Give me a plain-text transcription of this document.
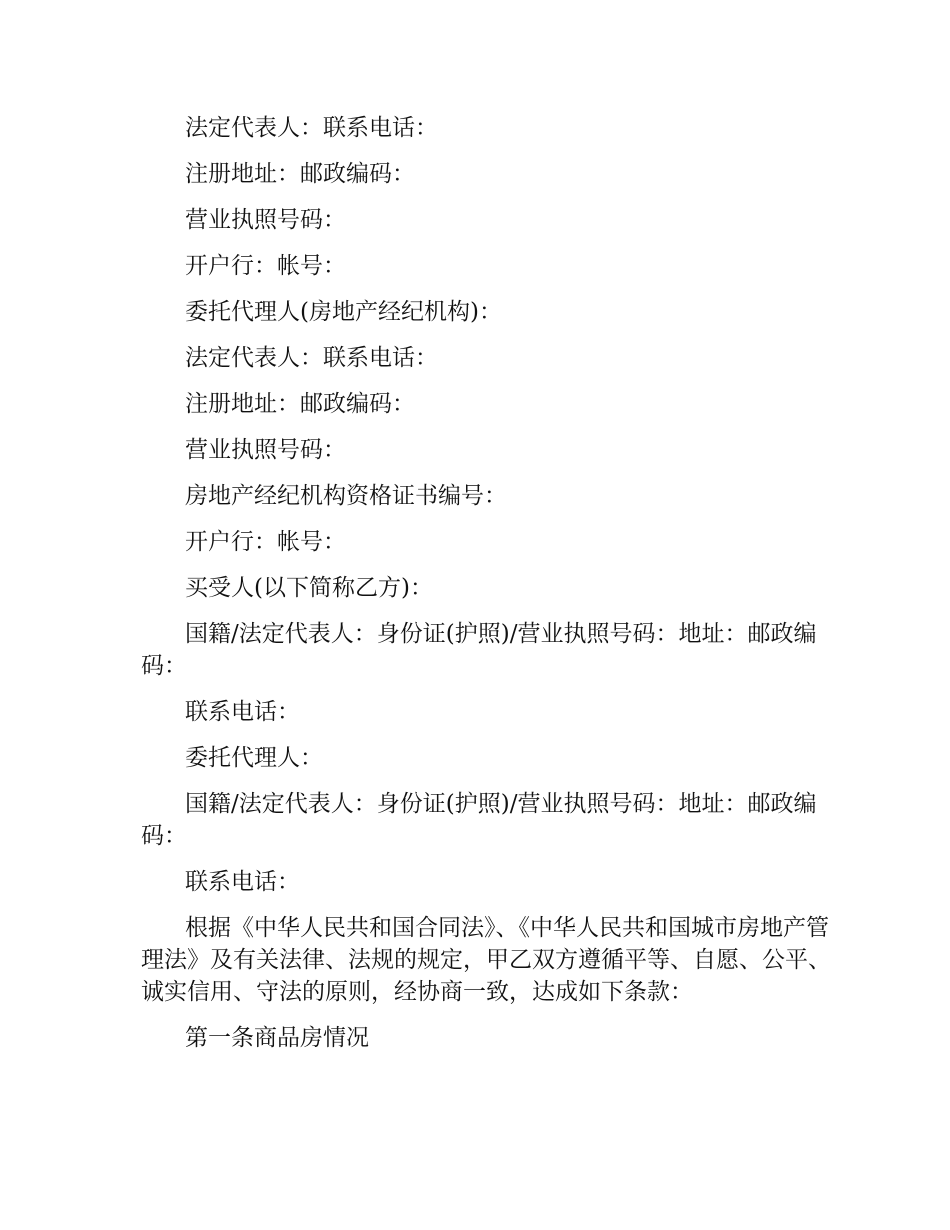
法定代表人：联系电话：

注册地址：邮政编码：

营业执照号码：

开户行：帐号：

委托代理人(房地产经纪机构)：

法定代表人：联系电话：

注册地址：邮政编码：

营业执照号码：

房地产经纪机构资格证书编号：

开户行：帐号：

买受人(以下简称乙方)：

国籍/法定代表人：身份证(护照)/营业执照号码：地址：邮政编码：

联系电话：

委托代理人：

国籍/法定代表人：身份证(护照)/营业执照号码：地址：邮政编码：

联系电话：

根据《中华人民共和国合同法》、《中华人民共和国城市房地产管理法》及有关法律、法规的规定，甲乙双方遵循平等、自愿、公平、诚实信用、守法的原则，经协商一致，达成如下条款：

第一条商品房情况
